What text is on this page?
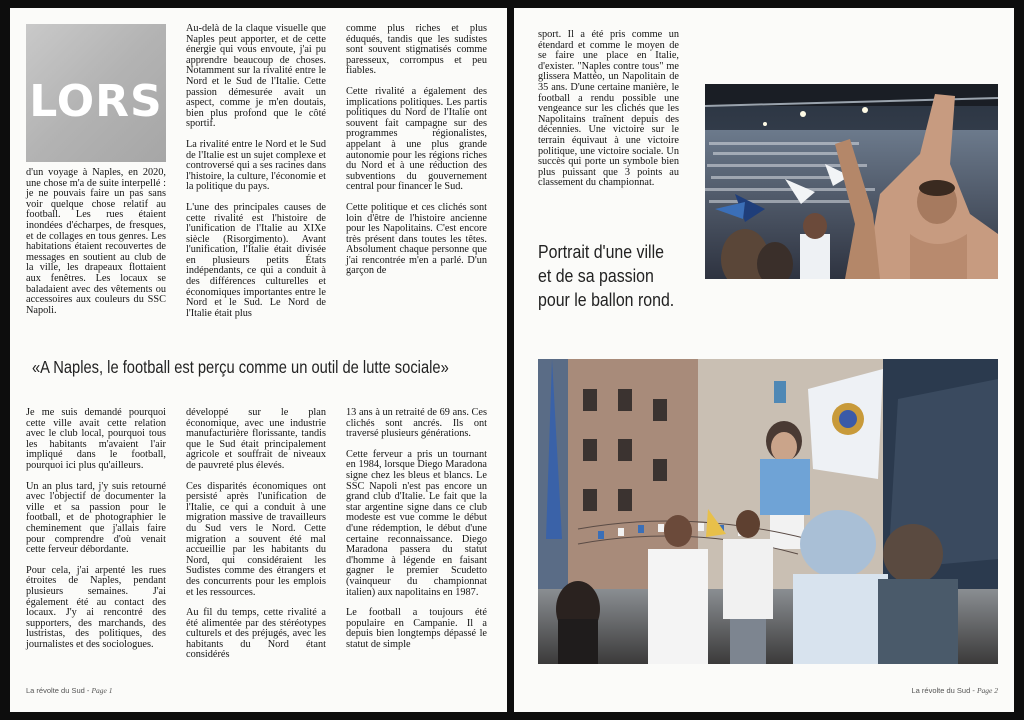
LORS

d'un voyage à Naples, en 2020, une chose m'a de suite interpellé : je ne pouvais faire un pas sans voir quelque chose relatif au football. Les rues étaient inondées d'écharpes, de fresques, et de collages en tous genres. Les habitations étaient recouvertes de messages en soutient au club de la ville, les drapeaux flottaient aux fenêtres. Les locaux se baladaient avec des vêtements ou accessoires aux couleurs du SSC Napoli.

Au-delà de la claque visuelle que Naples peut apporter, et de cette énergie qui vous envoute, j'ai pu apprendre beaucoup de choses. Notamment sur la rivalité entre le Nord et le Sud de l'Italie. Cette passion démesurée avait un aspect, comme je m'en doutais, bien plus profond que le côté sportif.

La rivalité entre le Nord et le Sud de l'Italie est un sujet complexe et controversé qui a ses racines dans l'histoire, la culture, l'économie et la politique du pays.

L'une des principales causes de cette rivalité est l'histoire de l'unification de l'Italie au XIXe siècle (Risorgimento). Avant l'unification, l'Italie était divisée en plusieurs petits États indépendants, ce qui a conduit à des différences culturelles et économiques importantes entre le Nord et le Sud. Le Nord de l'Italie était plus

comme plus riches et plus éduqués, tandis que les sudistes sont souvent stigmatisés comme paresseux, corrompus et peu fiables.

Cette rivalité a également des implications politiques. Les partis politiques du Nord de l'Italie ont souvent fait campagne sur des programmes régionalistes, appelant à une plus grande autonomie pour les régions riches du Nord et à une réduction des subventions du gouvernement central pour financer le Sud.

Cette politique et ces clichés sont loin d'être de l'histoire ancienne pour les Napolitains. C'est encore très présent dans toutes les têtes. Absolument chaque personne que j'ai rencontrée m'en a parlé. D'un garçon de

«A Naples, le football est perçu comme un outil de lutte sociale»

Je me suis demandé pourquoi cette ville avait cette relation avec le club local, pourquoi tous les habitants m'avaient l'air impliqué dans le football, pourquoi ici plus qu'ailleurs.

Un an plus tard, j'y suis retourné avec l'objectif de documenter la ville et sa passion pour le football, et de photographier le cheminement que j'allais faire pour comprendre d'où venait cette ferveur débordante.

Pour cela, j'ai arpenté les rues étroites de Naples, pendant plusieurs semaines. J'ai également été au contact des locaux. J'y ai rencontré des supporters, des marchands, des lustristas, des politiques, des journalistes et des sociologues.

développé sur le plan économique, avec une industrie manufacturière florissante, tandis que le Sud était principalement agricole et souffrait de niveaux de pauvreté plus élevés.

Ces disparités économiques ont persisté après l'unification de l'Italie, ce qui a conduit à une migration massive de travailleurs du Sud vers le Nord. Cette migration a souvent été mal accueillie par les habitants du Nord, qui considéraient les Sudistes comme des étrangers et des concurrents pour les emplois et les ressources.

Au fil du temps, cette rivalité a été alimentée par des stéréotypes culturels et des préjugés, avec les habitants du Nord étant considérés

13 ans à un retraité de 69 ans. Ces clichés sont ancrés. Ils ont traversé plusieurs générations.

Cette ferveur a pris un tournant en 1984, lorsque Diego Maradona signe chez les bleus et blancs. Le SSC Napoli n'est pas encore un grand club d'Italie. Le fait que la star argentine signe dans ce club modeste est vue comme le début d'une rédemption, le début d'une certaine reconnaissance. Diego Maradona passera du statut d'homme à légende en faisant gagner le premier Scudetto (vainqueur du championnat italien) aux napolitains en 1987.

Le football a toujours été populaire en Campanie. Il a depuis bien longtemps dépassé le statut de simple

La révolte du Sud - Page 1

sport. Il a été pris comme un étendard et comme le moyen de se faire une place en Italie, d'exister. "Naples contre tous" me glissera Mattéo, un Napolitain de 35 ans. D'une certaine manière, le football a rendu possible une vengeance sur les clichés que les Napolitains traînent depuis des décennies. Une victoire sur le terrain équivaut à une victoire politique, une victoire sociale. Un succès qui porte un symbole bien plus puissant que 3 points au classement du championnat.

Portrait d'une ville et de sa passion pour le ballon rond.
La révolte du Sud - Page 2
